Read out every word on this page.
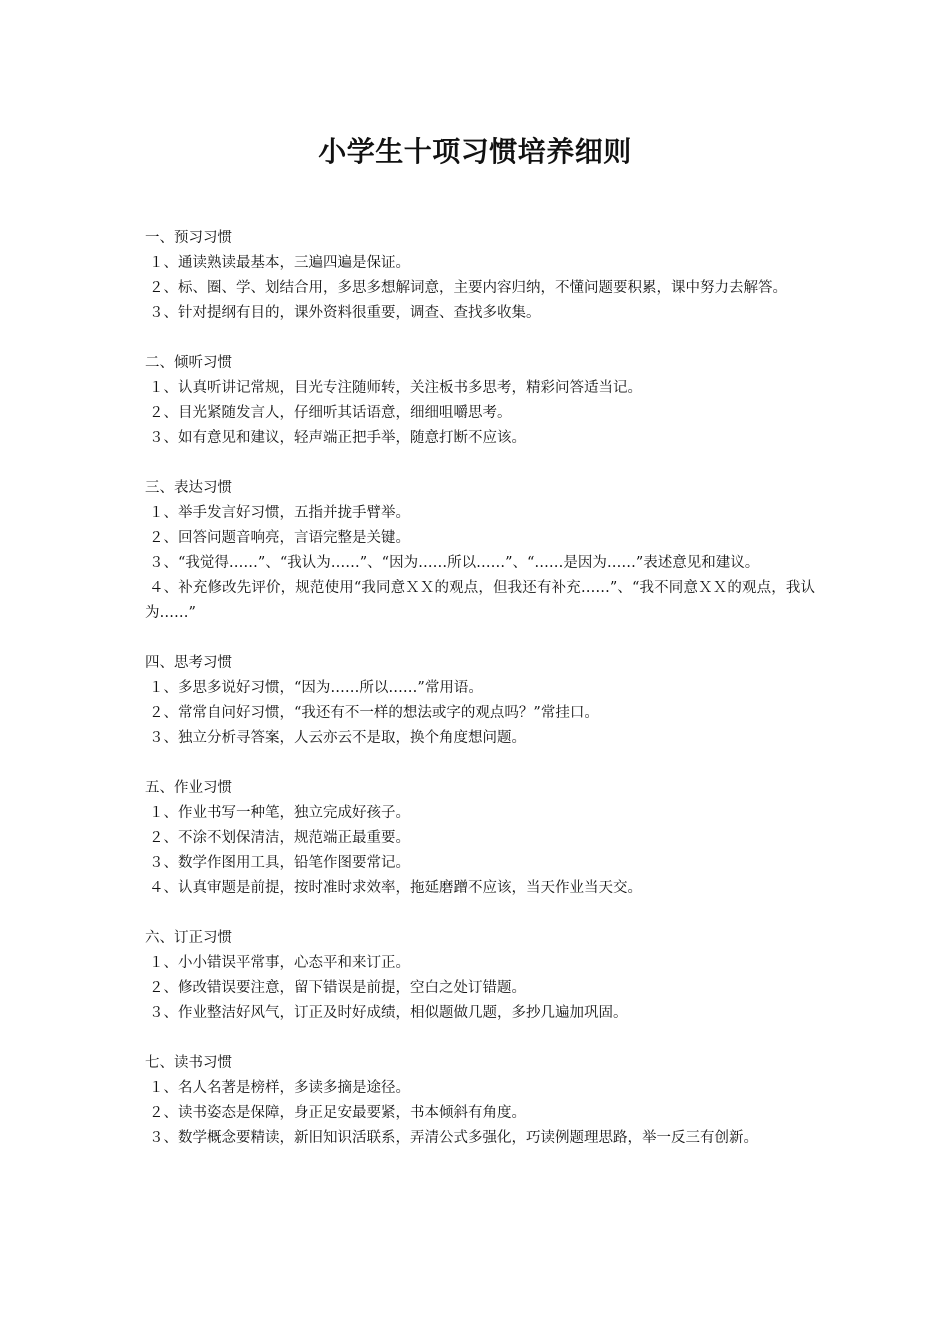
小学生十项习惯培养细则

一、预习习惯

１、通读熟读最基本，三遍四遍是保证。

２、标、圈、学、划结合用，多思多想解词意，主要内容归纳，不懂问题要积累，课中努力去解答。

３、针对提纲有目的，课外资料很重要，调查、查找多收集。

二、倾听习惯

１、认真听讲记常规，目光专注随师转，关注板书多思考，精彩问答适当记。

２、目光紧随发言人，仔细听其话语意，细细咀嚼思考。

３、如有意见和建议，轻声端正把手举，随意打断不应该。

三、表达习惯

１、举手发言好习惯，五指并拢手臂举。

２、回答问题音响亮，言语完整是关键。

３、“我觉得……”、“我认为……”、“因为……所以……”、“……是因为……”表述意见和建议。

４、补充修改先评价，规范使用“我同意ＸＸ的观点，但我还有补充……”、“我不同意ＸＸ的观点，我认为……”

四、思考习惯

１、多思多说好习惯，“因为……所以……”常用语。

２、常常自问好习惯，“我还有不一样的想法或字的观点吗？”常挂口。

３、独立分析寻答案，人云亦云不是取，换个角度想问题。

五、作业习惯

１、作业书写一种笔，独立完成好孩子。

２、不涂不划保清洁，规范端正最重要。

３、数学作图用工具，铅笔作图要常记。

４、认真审题是前提，按时准时求效率，拖延磨蹭不应该，当天作业当天交。

六、订正习惯

１、小小错误平常事，心态平和来订正。

２、修改错误要注意，留下错误是前提，空白之处订错题。

３、作业整洁好风气，订正及时好成绩，相似题做几题，多抄几遍加巩固。

七、读书习惯

１、名人名著是榜样，多读多摘是途径。

２、读书姿态是保障，身正足安最要紧，书本倾斜有角度。

３、数学概念要精读，新旧知识活联系，弄清公式多强化，巧读例题理思路，举一反三有创新。
